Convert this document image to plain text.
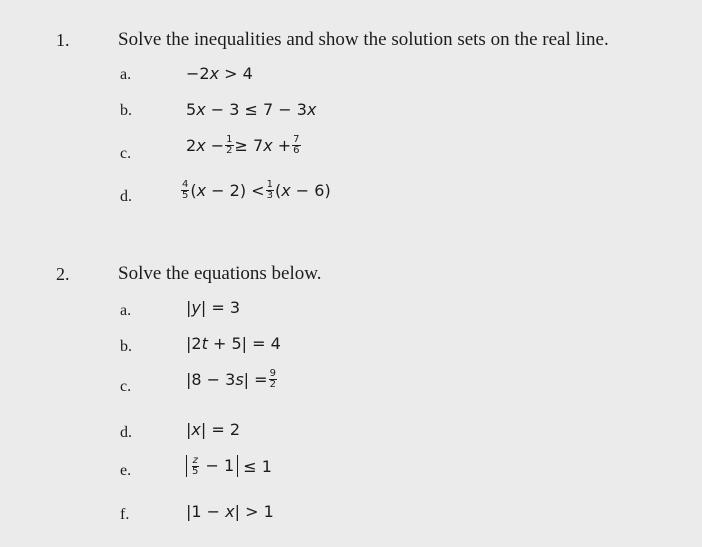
1.	Solve the inequalities and show the solution sets on the real line.
a.	−2 x > 4
b.	5 x − 3 ≤ 7 − 3 x
c.	2 $x - \frac{1}{2} \ge 7$ $x + \frac{7}{6}$
d.	$\frac{4}{5}$ ( $x - 2) < \frac{1}{3}$ ( x − 6)
2.	Solve the equations below.
a.	| y | = 3
b.	|2 t + 5| = 4
c.	|8 − 3 s | = $\frac{9}{2}$
d.	| x | = 2
e.	$\frac{z}{5} - 1 \le 1$
f.	|1 − x | > 1
